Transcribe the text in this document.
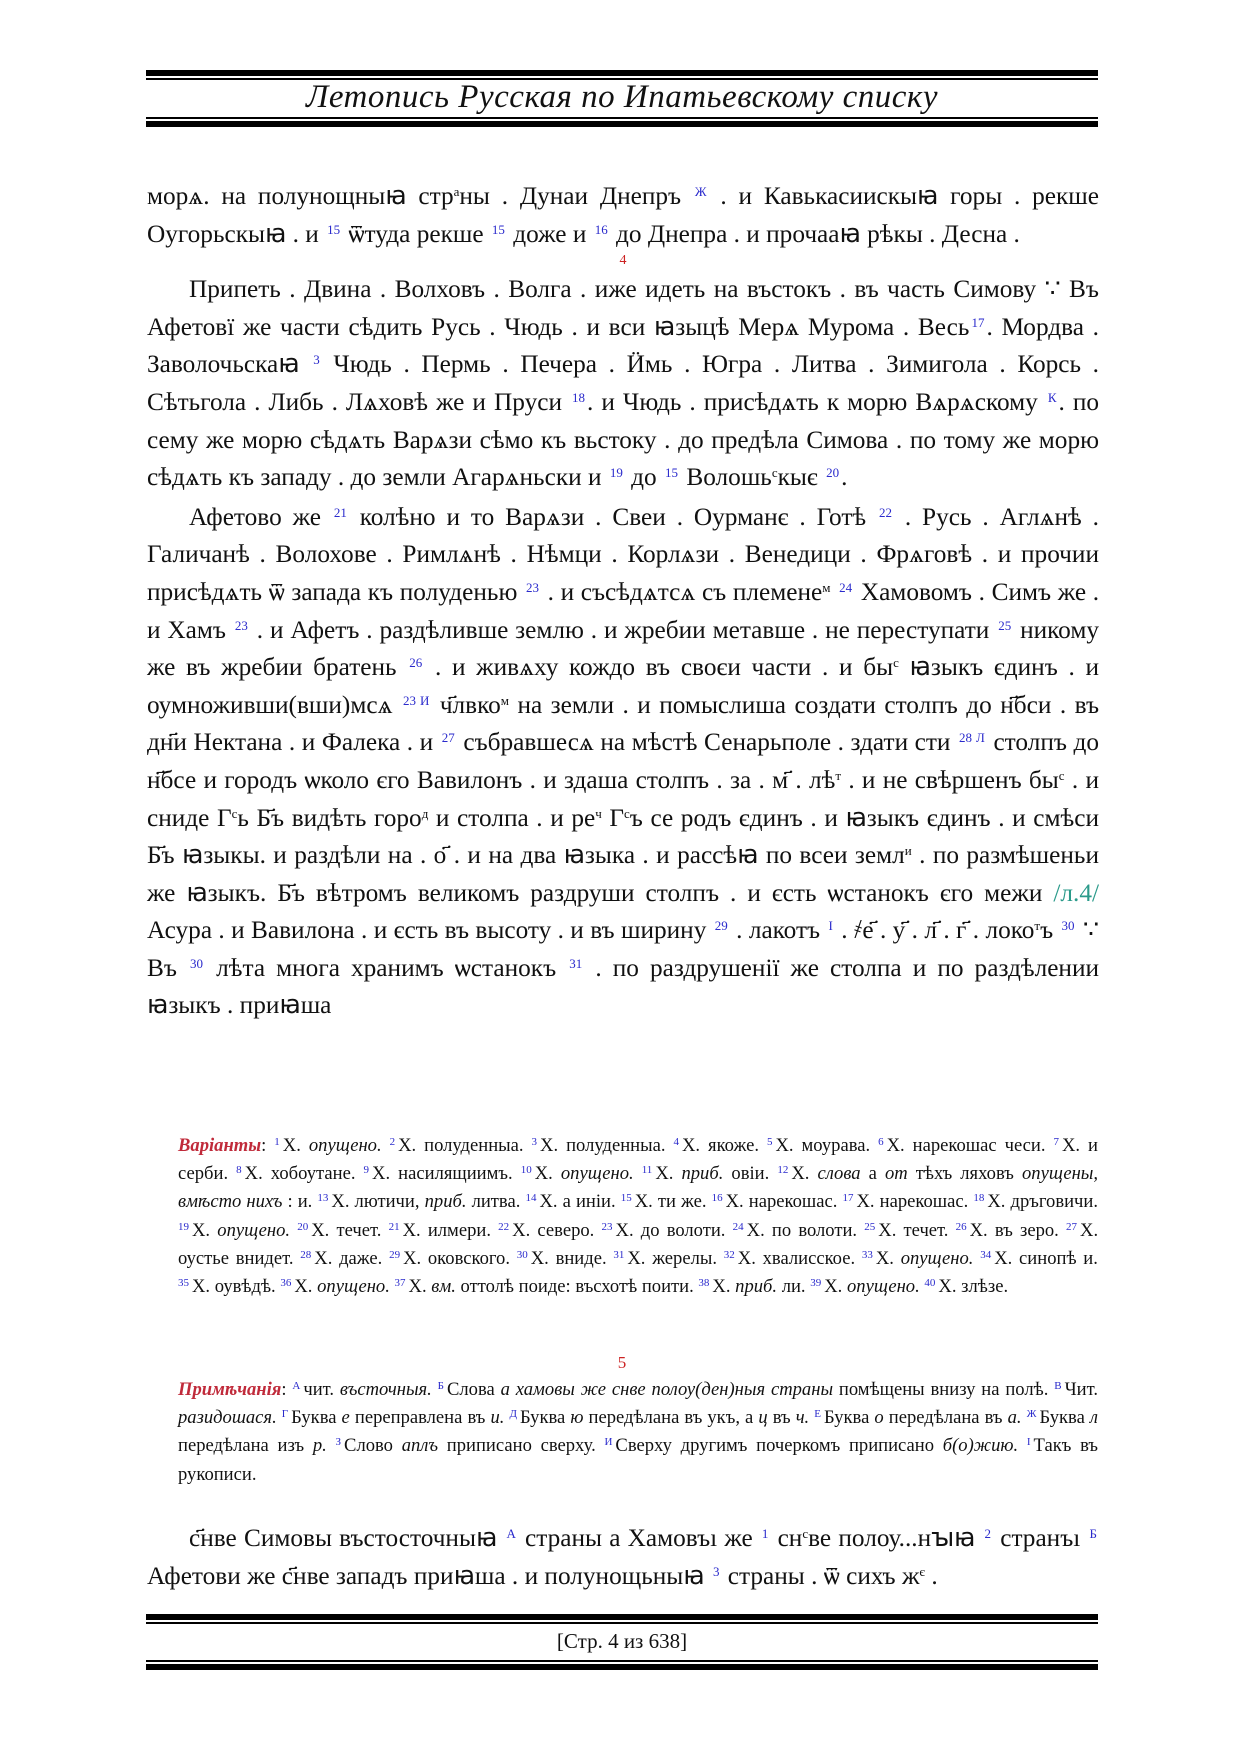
Летопись Русская по Ипатьевскому списку

морѧ. на полунощныꙗ стр$^а$ны . Дунаи Днепръ $^Ж$ . и Кавькасиискыꙗ горы . рекше Оугорьскыꙗ . и $^{15}$ ѿтуда рекше $^{15}$ доже и $^{16}$ до Днепра . и прочааꙗ рѣкы . Десна .

4

Припеть . Двина . Волховъ . Волга . иже идеть на въстокъ . въ часть Симову ∵ Въ Афетовї же части сѣдить Русь . Чюдь . и вси ꙗзыцѣ Мерѧ Мурома . Весь $^{17}$. Мордва . Заволочьскаꙗ $^3$ Чюдь . Пермь . Печера . Ӥмь . Югра . Литва . Зимигола . Корсь . Сѣтьгола . Либь . Лѧховѣ же и Пруси $^{18}$. и Чюдь . присѣдѧть к морю Вѧрѧскому $^К$. по сему же морю сѣдѧть Варѧзи сѣмо къ вьстоку . до предѣла Симова . по тому же морю сѣдѧть къ западу . до земли Агарѧньски и $^{19}$ до $^{15}$ Волошь$^с$кыє $^{20}$.

Афетово же $^{21}$ колѣно и то Варѧзи . Свеи . Оурманє . Готѣ $^{22}$ . Русь . Аглѧнѣ . Галичанѣ . Волохове . Римлѧнѣ . Нѣмци . Корлѧзи . Венедици . Фрѧговѣ . и прочии присѣдѧть ѿ запада къ полуденью $^{23}$ . и съсѣдѧтсѧ съ племене$^м$ $^{24}$ Хамовомъ . Симъ же . и Хамъ $^{23}$ . и Афетъ . раздѣливше землю . и жребии метавше . не переступати $^{25}$ никому же въ жребии братень $^{26}$ . и живѧху кождо въ своєи части . и $бы^с$ ꙗзыкъ єдинъ . и оумноживши(вши)мсѧ $^{23}$ $^И$ ч҃лвко$^м$ на земли . и помыслиша создати столпъ до н҃бси . въ дн҃и Нектана . и Фалека . и $^{27}$ събравшесѧ на мѣстѣ Сенарьполе . здати сти $^{28}$ $^Л$ столпъ до н҃бсе и городъ ѡколо єго Вавилонъ . и здаша столпъ . за . м҃ . $лѣ^т$ . и не свѣршенъ $бы^с$ . и сниде $Г^сь$ Б҃ъ видѣть горо$^д$ и столпа . и $ре^ч$ $Г^съ$ се родъ єдинъ . и ꙗзыкъ єдинъ . и смѣси Б҃ъ ꙗзыкы. и раздѣли на . о҃ . и на два ꙗзыка . и рассѣꙗ по всеи земл$^и$ . по размѣшеньи же ꙗзыкъ. Б҃ъ вѣтромъ великомъ раздруши столпъ . и єсть ѡстанокъ єго межи /л.4/ Асура . и Вавилона . и єсть въ высоту . и въ ширину $^{29}$ . лакотъ $^I$ . ҂е҃ . у҃ . л҃ . г҃ . локо$^т$ъ $^{30}$ ∵ Въ $^{30}$ лѣта многа хранимъ ѡстанокъ $^{31}$ . по раздрушенії же столпа и по раздѣлении ꙗзыкъ . приꙗша

Варіанты: $^1$ Х. опущено. $^2$ Х. полуденныа. $^3$ Х. полуденныа. $^4$ Х. якоже. $^5$ Х. моурава. $^6$ Х. нарекошас чеси. $^7$ Х. и серби. $^8$ Х. хобоутане. $^9$ Х. насилящиимъ. $^{10}$ Х. опущено. $^{11}$ Х. приб. овіи. $^{12}$ Х. слова а от тѣхъ ляховъ опущены, вмѣсто нихъ : и. $^{13}$ Х. лютичи, приб. литва. $^{14}$ Х. а иніи. $^{15}$ Х. ти же. $^{16}$ Х. нарекошас. $^{17}$ Х. нарекошас. $^{18}$ Х. дръговичи. $^{19}$ Х. опущено. $^{20}$ Х. течет. $^{21}$ Х. илмери. $^{22}$ Х. северо. $^{23}$ Х. до волоти. $^{24}$ Х. по волоти. $^{25}$ Х. течет. $^{26}$ Х. въ зеро. $^{27}$ Х. оустье внидет. $^{28}$ Х. даже. $^{29}$ Х. оковского. $^{30}$ Х. вниде. $^{31}$ Х. жерелы. $^{32}$ Х. хвалисское. $^{33}$ Х. опущено. $^{34}$ Х. синопѣ и. $^{35}$ Х. оувѣдѣ. $^{36}$ Х. опущено. $^{37}$ Х. вм. оттолѣ поиде: въсхотѣ поити. $^{38}$ Х. приб. ли. $^{39}$ Х. опущено. $^{40}$ Х. злѣзе.

5

Примѣчанія: $^А$ чит. въсточныя. $^Б$ Слова а хамовы же снве полоу(ден)ныя страны помѣщены внизу на полѣ. $^В$ Чит. разидошася. $^Г$ Буква е переправлена въ и. $^Д$ Буква ю передѣлана въ укъ, а ц въ ч. $^Е$ Буква о передѣлана въ а. $^Ж$ Буква л передѣлана изъ р. $^З$ Слово аплъ приписано сверху. $^И$ Сверху другимъ почеркомъ приписано б(о)жию. $^І$ Такъ въ рукописи.

с҃нве Симовы въстосточныꙗ $^А$ страны а Хамовъı же $^1$ $сн^све$ полоу...нꙑꙗ $^2$ странъı $^Б$ Афетови же с҃нве западъ приꙗша . и полунощьныꙗ $^3$ страны . ѿ сихъ $ж^є$ .

[Стр. 4 из 638]
